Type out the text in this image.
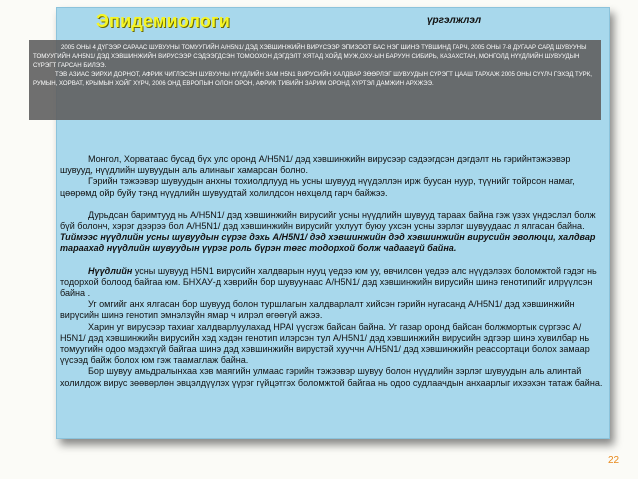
Эпидемиологи	үргэлжлэл

2005 ОНЫ 4 ДҮГЭЭР САРААС ШУВУУНЫ ТОМУУГИЙН А/Н5N1/ ДЭД ХЭВШИНЖИЙН ВИРҮСЭЭР ЭПИЗООТ БАС НЭГ ШИНЭ ТҮВШИНД ГАРЧ, 2005 ОНЫ 7-8 ДУГААР САРД ШУВУУНЫ ТОМУУГИЙН А/Н5N1/ ДЭД ХЭВШИНЖИЙН ВИРУСЭЭР СЭДЭЭГДСЭН ТОМООХОН ДЭГДЭЛТ ХЯТАД ХОЙД МУЖ,ОХУ-ЫН БАРУУН СИБИРЬ, КАЗАХСТАН, МОНГОЛД НҮҮДЛИЙН ШУВУУДЫН СҮРЭГТ ГАРСАН БИЛЭЭ.

ТЭВ АЗИАС ЭИРХИ ДОРНОТ, АФРИК ЧИГЛЭСЭН ШУВУУНЫ НҮҮДЛИЙН ЗАМ Н5N1 ВИРУСИЙН ХАЛДВАР ЗӨӨРЛЭГ ШУВУУДЫН СҮРЭГТ ЦААШ ТАРХАЖ 2005 ОНЫ СҮҮЛЧ ГЭХЭД ТУРК, РУМЫН, ХОРВАТ, КРЫМЫН ХОЙГ ХҮРЧ, 2006 ОНД ЕВРОПЫН ОЛОН ОРОН, АФРИК ТИВИЙН ЗАРИМ ОРОНД ХҮРТЭЛ ДАМЖИН АРХЖЭЭ.

Монгол, Хорватаас бусад бүх улс оронд А/Н5N1/ дэд хэвшинжийн вирусээр сэдээгдсэн дэгдэлт нь гэрийнтэжээвэр шувууд, нүүдлийн шувуудын аль алинаыг хамарсан болно.

Гэрийн тэжээвэр шувуудын анхны тохиолдлууд нь усны шувууд нүүдэллэн ирж буусан нуур, түүнийг тойрсон намаг, цөөрөмд ойр буйу тэнд нүүдлийн шувуудтай холилдсон нөхцөлд гарч байжээ.

Дурьдсан баримтууд нь А/Н5N1/ дэд хэвшинжийн вирусийг усны нүүдлийн шувууд тараах байна гэж үзэх үндэслэл болж бүй болонч, хэрэг дээрээ бол А/Н5N1/ дэд хэвшинжийн вирусийг ухлуут буюу ухсэн усны зэрлэг шувуудаас л ялгасан байна. Тиймээс нүүдлийн усны шувуудын сүрэг дэхь А/Н5N1/ дэд хэвшинжийн дэд хэвшинжийн вирусийн эволюци, халдвар тараахад нүүдлийн шувуудын үүрэг роль бүрэн төгс тодорхой болж чадаагүй байна.

Нүүдлийн усны шувууд Н5N1 вирүсийн халдварын нууц үедээ юм уу, өвчилсөн үедээ алс нүүдэлээх боломжтой гэдэг нь тодорхой болоод байгаа юм. БНХАУ-д хэврийн бор шувуунаас А/Н5N1/ дэд хэвшинжийн вирусийн шинэ генотипийг илрүүлсэн байна .

Уг омгийг анх ялгасан бор шувууд болон туршлагын халдварлалт хийсэн гэрийн нугасанд А/Н5N1/ дэд хэвшинжийн вирүсийн шинэ генотип эмнэлзүйн ямар ч илрэл өгөөгүй ажээ.

Харин уг вирусээр тахиаг халдварлуулахад НРАI үүсгэж байсан байна. Уг газар оронд байсан болжмортык сүргээс А/Н5N1/ дэд хэвшинжийн вирусийн хэд хэдэн генотип илэрсэн тул А/Н5N1/ дэд хэвшинжийн вирусийн эдгээр шинэ хувилбар нь томуугийн одоо мэдэхгүй байгаа шинэ дэд хэвшинжийн вирустэй хууччн А/Н5N1/ дэд хэвшинжийн реассортаци болох замаар үүсээд байж болох юм гэж таамаглаж байна.

Бор шувуу амьдралынхаа хэв маягийн улмаас гэрийн тэжээвэр шувуу болон нүүдлийн зэрлэг шувуудын аль алинтай холилдож вирус зөөвөрлөн эвцэлдүүлэх үүрэг гүйцэтгэх боломжтой байгаа нь одоо судлаачдын анхаарлыг ихээхэн татаж байна.

22
